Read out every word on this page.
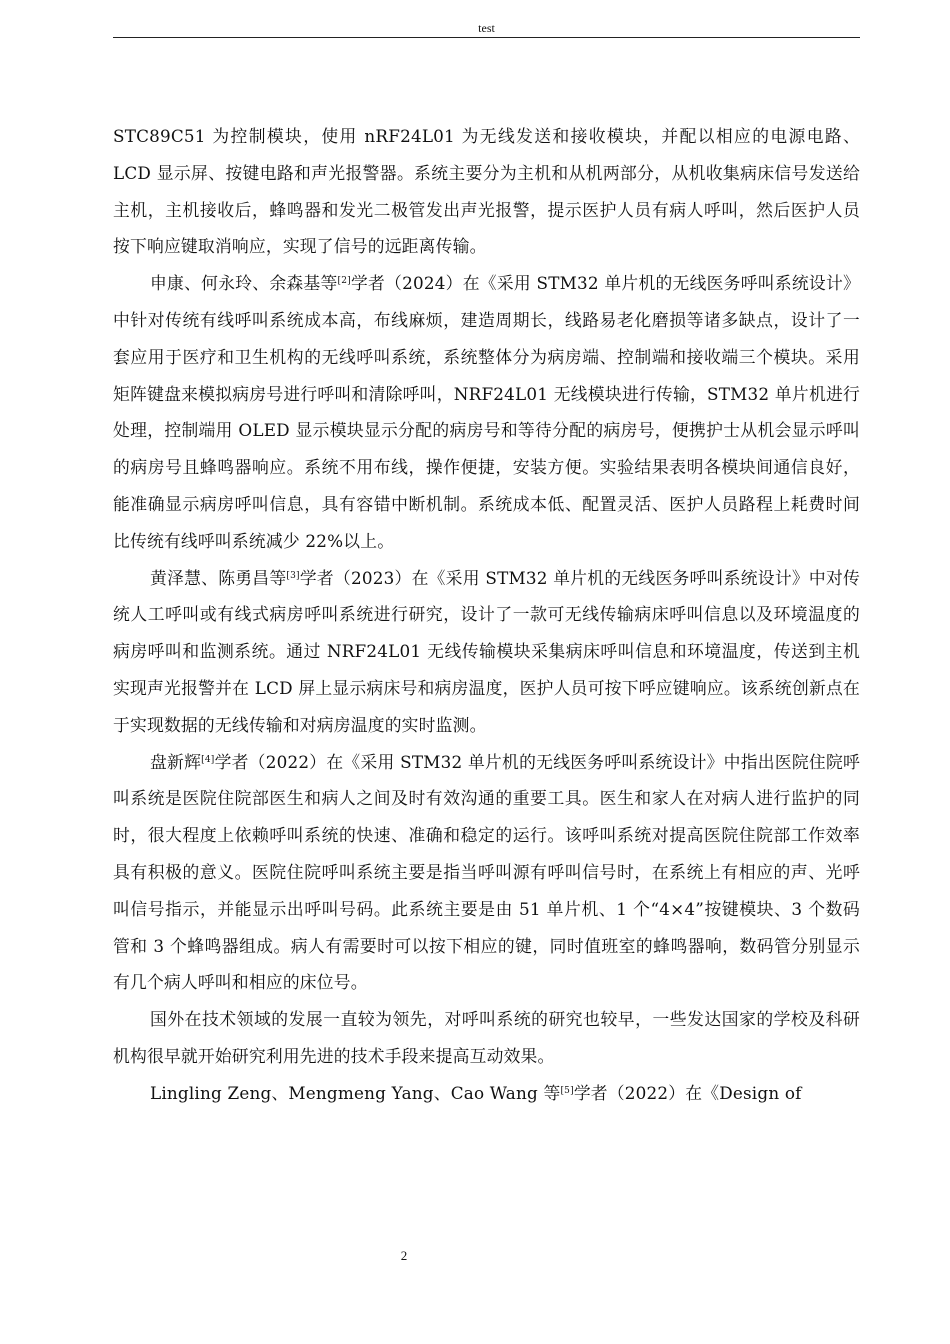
test

STC89C51 为控制模块，使用 nRF24L01 为无线发送和接收模块，并配以相应的电源电路、LCD 显示屏、按键电路和声光报警器。系统主要分为主机和从机两部分，从机收集病床信号发送给主机，主机接收后，蜂鸣器和发光二极管发出声光报警，提示医护人员有病人呼叫，然后医护人员按下响应键取消响应，实现了信号的远距离传输。

申康、何永玲、余森基等[2]学者（2024）在《采用 STM32 单片机的无线医务呼叫系统设计》中针对传统有线呼叫系统成本高，布线麻烦，建造周期长，线路易老化磨损等诸多缺点，设计了一套应用于医疗和卫生机构的无线呼叫系统，系统整体分为病房端、控制端和接收端三个模块。采用矩阵键盘来模拟病房号进行呼叫和清除呼叫，NRF24L01 无线模块进行传输，STM32 单片机进行处理，控制端用 OLED 显示模块显示分配的病房号和等待分配的病房号，便携护士从机会显示呼叫的病房号且蜂鸣器响应。系统不用布线，操作便捷，安装方便。实验结果表明各模块间通信良好，能准确显示病房呼叫信息，具有容错中断机制。系统成本低、配置灵活、医护人员路程上耗费时间比传统有线呼叫系统减少 22%以上。

黄泽慧、陈勇昌等[3]学者（2023）在《采用 STM32 单片机的无线医务呼叫系统设计》中对传统人工呼叫或有线式病房呼叫系统进行研究，设计了一款可无线传输病床呼叫信息以及环境温度的病房呼叫和监测系统。通过 NRF24L01 无线传输模块采集病床呼叫信息和环境温度，传送到主机实现声光报警并在 LCD 屏上显示病床号和病房温度，医护人员可按下呼应键响应。该系统创新点在于实现数据的无线传输和对病房温度的实时监测。

盘新辉[4]学者（2022）在《采用 STM32 单片机的无线医务呼叫系统设计》中指出医院住院呼叫系统是医院住院部医生和病人之间及时有效沟通的重要工具。医生和家人在对病人进行监护的同时，很大程度上依赖呼叫系统的快速、准确和稳定的运行。该呼叫系统对提高医院住院部工作效率具有积极的意义。医院住院呼叫系统主要是指当呼叫源有呼叫信号时，在系统上有相应的声、光呼叫信号指示，并能显示出呼叫号码。此系统主要是由 51 单片机、1 个“4×4”按键模块、3 个数码管和 3 个蜂鸣器组成。病人有需要时可以按下相应的键，同时值班室的蜂鸣器响，数码管分别显示有几个病人呼叫和相应的床位号。

国外在技术领域的发展一直较为领先，对呼叫系统的研究也较早，一些发达国家的学校及科研机构很早就开始研究利用先进的技术手段来提高互动效果。

Lingling Zeng、Mengmeng Yang、Cao Wang 等[5]学者（2022）在《Design of

2
